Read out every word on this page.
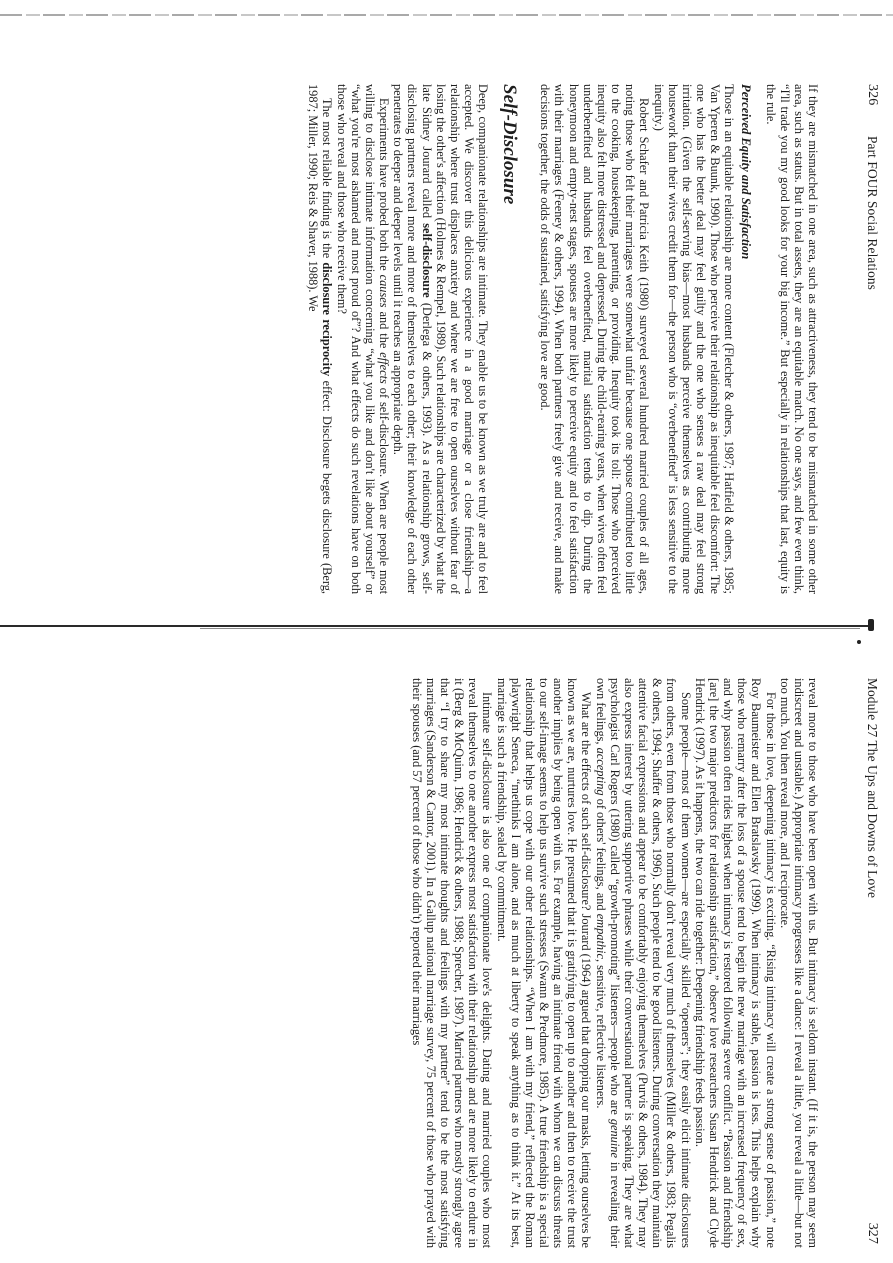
326
Part FOUR Social Relations

If they are mismatched in one area, such as attractiveness, they tend to be mismatched in some other area, such as status. But in total assets, they are an equitable match. No one says, and few even think, “I'll trade you my good looks for your big income.” But especially in relationships that last, equity is the rule.

Perceived Equity and Satisfaction

Those in an equitable relationship are more content (Fletcher & others, 1987; Hatfield & others, 1985; Van Yperen & Buunk, 1990). Those who perceive their relationship as inequitable feel discomfort: The one who has the better deal may feel guilty and the one who senses a raw deal may feel strong irritation. (Given the self-serving bias—most husbands perceive themselves as contributing more housework than their wives credit them for—the person who is “overbenefited” is less sensitive to the inequity.)

Robert Schafer and Patricia Keith (1980) surveyed several hundred married couples of all ages, noting those who felt their marriages were somewhat unfair because one spouse contributed too little to the cooking, housekeeping, parenting, or providing. Inequity took its toll: Those who perceived inequity also felt more distressed and depressed. During the child-rearing years, when wives often feel underbenefited and husbands feel overbenefited, marital satisfaction tends to dip. During the honeymoon and empty-nest stages, spouses are more likely to perceive equity and to feel satisfaction with their marriages (Feeney & others, 1994). When both partners freely give and receive, and make decisions together, the odds of sustained, satisfying love are good.

Self-Disclosure

Deep, companionate relationships are intimate. They enable us to be known as we truly are and to feel accepted. We discover this delicious experience in a good marriage or a close friendship—a relationship where trust displaces anxiety and where we are free to open ourselves without fear of losing the other's affection (Holmes & Rempel, 1989). Such relationships are characterized by what the late Sidney Jourard called self-disclosure (Derlega & others, 1993). As a relationship grows, self-disclosing partners reveal more and more of themselves to each other; their knowledge of each other penetrates to deeper and deeper levels until it reaches an appropriate depth.

Experiments have probed both the causes and the effects of self-disclosure. When are people most willing to disclose intimate information concerning “what you like and don't like about yourself” or “what you're most ashamed and most proud of”? And what effects do such revelations have on both those who reveal and those who receive them?

The most reliable finding is the disclosure reciprocity effect: Disclosure begets disclosure (Berg, 1987; Miller, 1990; Reis & Shaver, 1988). We

Module 27 The Ups and Downs of Love
327

reveal more to those who have been open with us. But intimacy is seldom instant. (If it is, the person may seem indiscreet and unstable.) Appropriate intimacy progresses like a dance: I reveal a little, you reveal a little—but not too much. You then reveal more, and I reciprocate.

For those in love, deepening intimacy is exciting. “Rising intimacy will create a strong sense of passion,” note Roy Baumeister and Ellen Bratslavsky (1999). When intimacy is stable, passion is less. This helps explain why those who remarry after the loss of a spouse tend to begin the new marriage with an increased frequency of sex, and why passion often rides highest when intimacy is restored following severe conflict. “Passion and friendship [are] the two major predictors for relationship satisfaction,” observe love researchers Susan Hendrick and Clyde Hendrick (1997). As it happens, the two can ride together: Deepening friendship feeds passion.

Some people—most of them women—are especially skilled “openers”; they easily elicit intimate disclosures from others, even from those who normally don't reveal very much of themselves (Miller & others, 1983; Pegalis & others, 1994; Shaffer & others, 1996). Such people tend to be good listeners. During conversation they maintain attentive facial expressions and appear to be comfortably enjoying themselves (Purvis & others, 1984). They may also express interest by uttering supportive phrases while their conversational partner is speaking. They are what psychologist Carl Rogers (1980) called “growth-promoting” listeners—people who are genuine in revealing their own feelings, accepting of others' feelings, and empathic, sensitive, reflective listeners.

What are the effects of such self-disclosure? Jourard (1964) argued that dropping our masks, letting ourselves be known as we are, nurtures love. He presumed that it is gratifying to open up to another and then to receive the trust another implies by being open with us. For example, having an intimate friend with whom we can discuss threats to our self-image seems to help us survive such stresses (Swann & Predmore, 1985). A true friendship is a special relationship that helps us cope with our other relationships. “When I am with my friend,” reflected the Roman playwright Seneca, “methinks I am alone, and as much at liberty to speak anything as to think it.” At its best, marriage is such a friendship, sealed by commitment.

Intimate self-disclosure is also one of companionate love's delights. Dating and married couples who most reveal themselves to one another express most satisfaction with their relationship and are more likely to endure in it (Berg & McQuinn, 1986; Hendrick & others, 1988; Sprecher, 1987). Married partners who mostly strongly agree that “I try to share my most intimate thoughts and feelings with my partner” tend to be the most satisfying marriages (Sanderson & Cantor, 2001). In a Gallup national marriage survey, 75 percent of those who prayed with their spouses (and 57 percent of those who didn't) reported their marriages
